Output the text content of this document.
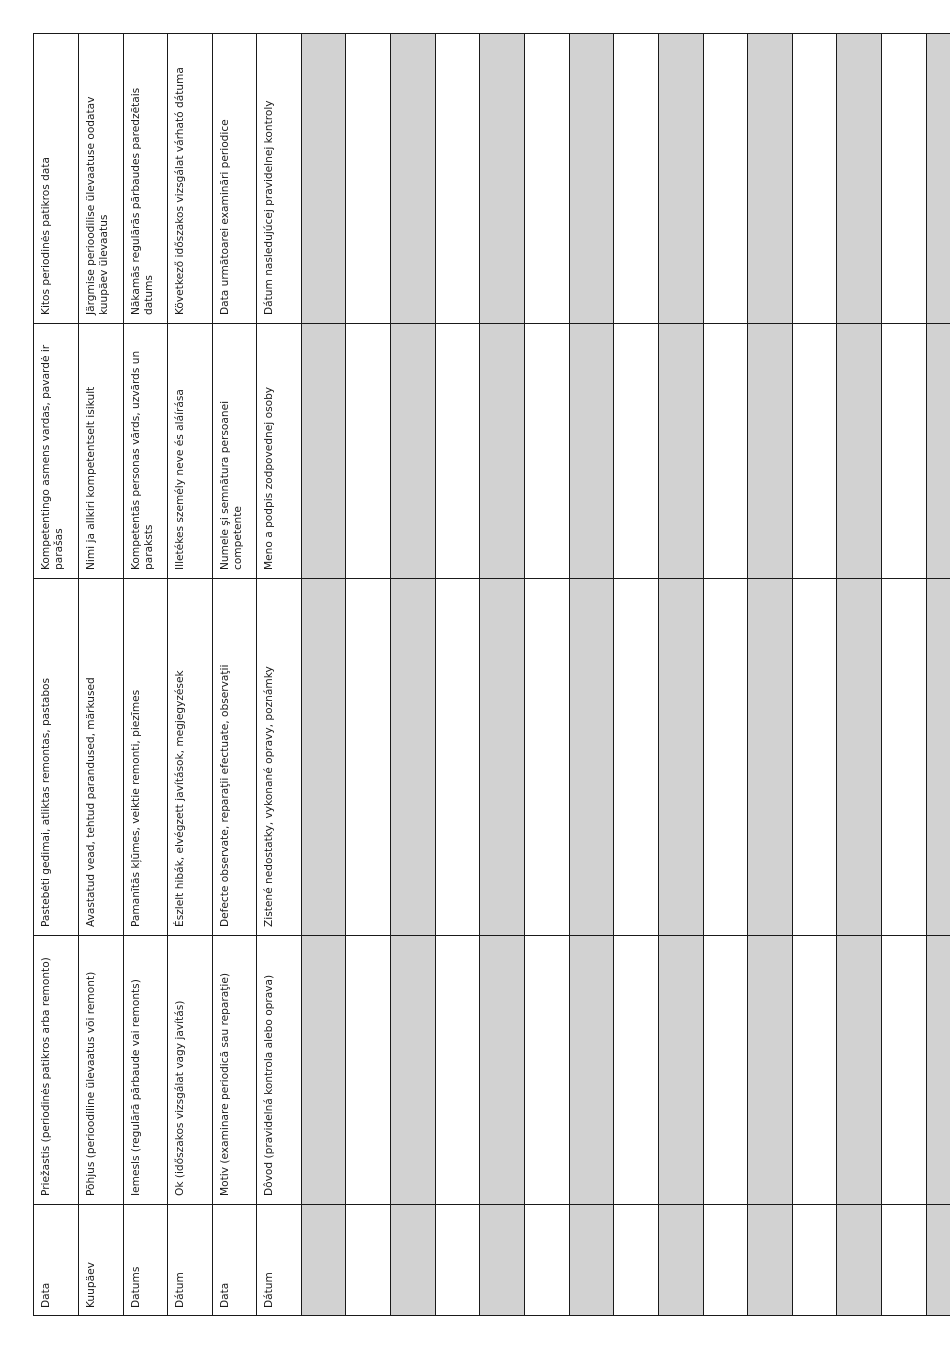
Kitos periodinės patikros data
Kompetentingo asmens vardas, pavardė ir parašas
Pastebėti gedimai, atliktas remontas, pastabos
Priežastis (periodinės patikros arba remonto)
Data
Järgmise perioodilise ülevaatuse oodatav kuupäev ülevaatus
Nimi ja allkiri kompetentselt isikult
Avastatud vead, tehtud parandused, märkused
Põhjus (perioodiline ülevaatus või remont)
Kuupäev
Nākamās regulārās pārbaudes paredzētais datums
Kompetentās personas vārds, uzvārds un paraksts
Pamanītās kļūmes, veiktie remonti, piezīmes
Iemesls (regulārā pārbaude vai remonts)
Datums
Következő időszakos vizsgálat várható dátuma
Illetékes személy neve és aláírása
Észlelt hibák, elvégzett javítások, megjegyzések
Ok (időszakos vizsgálat vagy javítás)
Dátum
Data următoarei examinări periodice
Numele şi semnătura persoanei competente
Defecte observate, reparaţii efectuate, observaţii
Motiv (examinare periodică sau reparaţie)
Data
Dátum nasledujúcej pravidelnej kontroly
Meno a podpis zodpovednej osoby
Zistené nedostatky, vykonané opravy, poznámky
Dôvod (pravidelná kontrola alebo oprava)
Dátum
